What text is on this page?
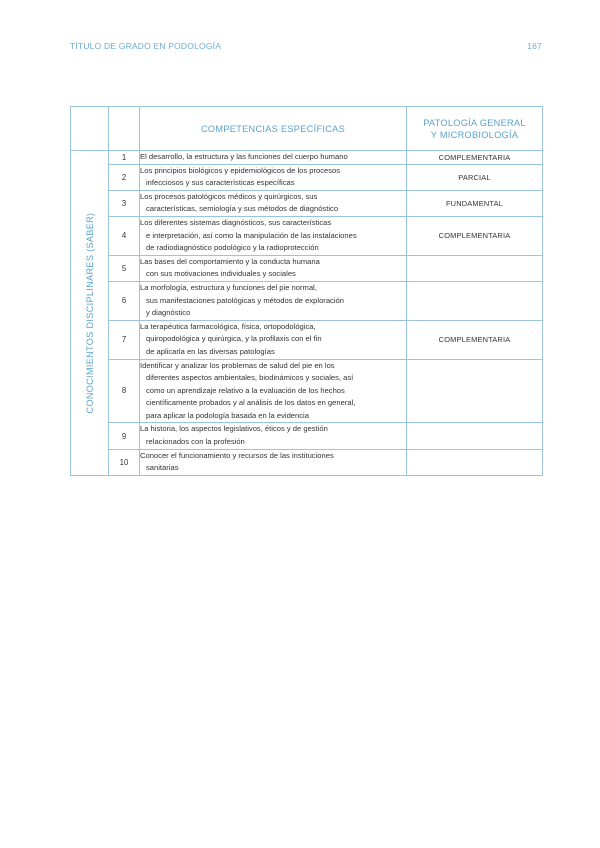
TÍTULO DE GRADO EN PODOLOGÍA	167
		COMPETENCIAS ESPECÍFICAS	PATOLOGÍA GENERAL
Y MICROBIOLOGÍA

CONOCIMIENTOS DISCIPLINARES (SABER)	1	El desarrollo, la estructura y las funciones del cuerpo humano	COMPLEMENTARIA
	2	Los principios biológicos y epidemiológicos de los procesos
infecciosos y sus características específicas	PARCIAL
	3	Los procesos patológicos médicos y quirúrgicos, sus
características, semiología y sus métodos de diagnóstico	FUNDAMENTAL
	4	Los diferentes sistemas diagnósticos, sus características
e interpretación, así como la manipulación de las instalaciones
de radiodiagnóstico podológico y la radioprotección	COMPLEMENTARIA
	5	Las bases del comportamiento y la conducta humana
con sus motivaciones individuales y sociales	

	6	La morfología, estructura y funciones del pie normal,
sus manifestaciones patológicas y métodos de exploración
y diagnóstico	

	7	La terapéutica farmacológica, física, ortopodológica,
quiropodológica y quirúrgica, y la profilaxis con el fin
de aplicarla en las diversas patologías	COMPLEMENTARIA
	8	Identificar y analizar los problemas de salud del pie en los
diferentes aspectos ambientales, biodinámicos y sociales, así
como un aprendizaje relativo a la evaluación de los hechos
científicamente probados y al análisis de los datos en general,
para aplicar la podología basada en la evidencia	

	9	La historia, los aspectos legislativos, éticos y de gestión
relacionados con la profesión	

	10	Conocer el funcionamiento y recursos de las instituciones
sanitarias	
